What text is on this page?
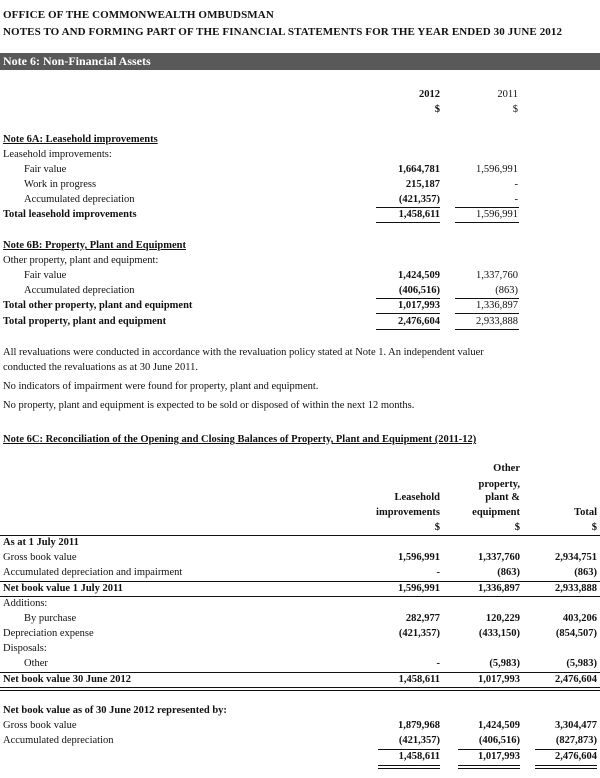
OFFICE OF THE COMMONWEALTH OMBUDSMAN
NOTES TO AND FORMING PART OF THE FINANCIAL STATEMENTS FOR THE YEAR ENDED 30 JUNE 2012
Note 6: Non-Financial Assets
2012	2011
$	$
Note 6A: Leasehold improvements
Leasehold improvements:
Fair value	1,664,781	1,596,991
Work in progress	215,187	-
Accumulated depreciation	(421,357)	-
Total leasehold improvements	1,458,611	1,596,991
Note 6B: Property, Plant and Equipment
Other property, plant and equipment:
Fair value	1,424,509	1,337,760
Accumulated depreciation	(406,516)	(863)
Total other property, plant and equipment	1,017,993	1,336,897
Total property, plant and equipment	2,476,604	2,933,888
All revaluations were conducted in accordance with the revaluation policy stated at Note 1. An independent valuer
conducted the revaluations as at 30 June 2011.
No indicators of impairment were found for property, plant and equipment.
No property, plant and equipment is expected to be sold or disposed of within the next 12 months.
Note 6C: Reconciliation of the Opening and Closing Balances of Property, Plant and Equipment (2011-12)
Other
property,
Leasehold	plant &
improvements	equipment	Total
$	$	$
As at 1 July 2011
Gross book value	1,596,991	1,337,760	2,934,751
Accumulated depreciation and impairment	-	(863)	(863)
Net book value 1 July 2011	1,596,991	1,336,897	2,933,888
Additions:
By purchase	282,977	120,229	403,206
Depreciation expense	(421,357)	(433,150)	(854,507)
Disposals:
Other	-	(5,983)	(5,983)
Net book value 30 June 2012	1,458,611	1,017,993	2,476,604
Net book value as of 30 June 2012 represented by:
Gross book value	1,879,968	1,424,509	3,304,477
Accumulated depreciation	(421,357)	(406,516)	(827,873)
1,458,611	1,017,993	2,476,604
